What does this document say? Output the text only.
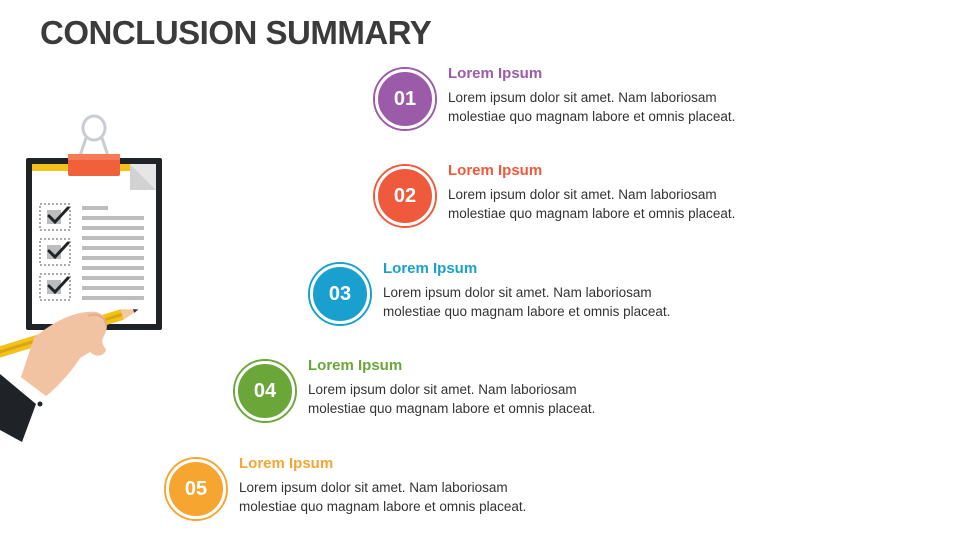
CONCLUSION SUMMARY
01

Lorem Ipsum

Lorem ipsum dolor sit amet. Nam laboriosam

molestiae quo magnam labore et omnis placeat.

02

Lorem Ipsum

Lorem ipsum dolor sit amet. Nam laboriosam

molestiae quo magnam labore et omnis placeat.

03

Lorem Ipsum

Lorem ipsum dolor sit amet. Nam laboriosam

molestiae quo magnam labore et omnis placeat.

04

Lorem Ipsum

Lorem ipsum dolor sit amet. Nam laboriosam

molestiae quo magnam labore et omnis placeat.

05

Lorem Ipsum

Lorem ipsum dolor sit amet. Nam laboriosam

molestiae quo magnam labore et omnis placeat.
